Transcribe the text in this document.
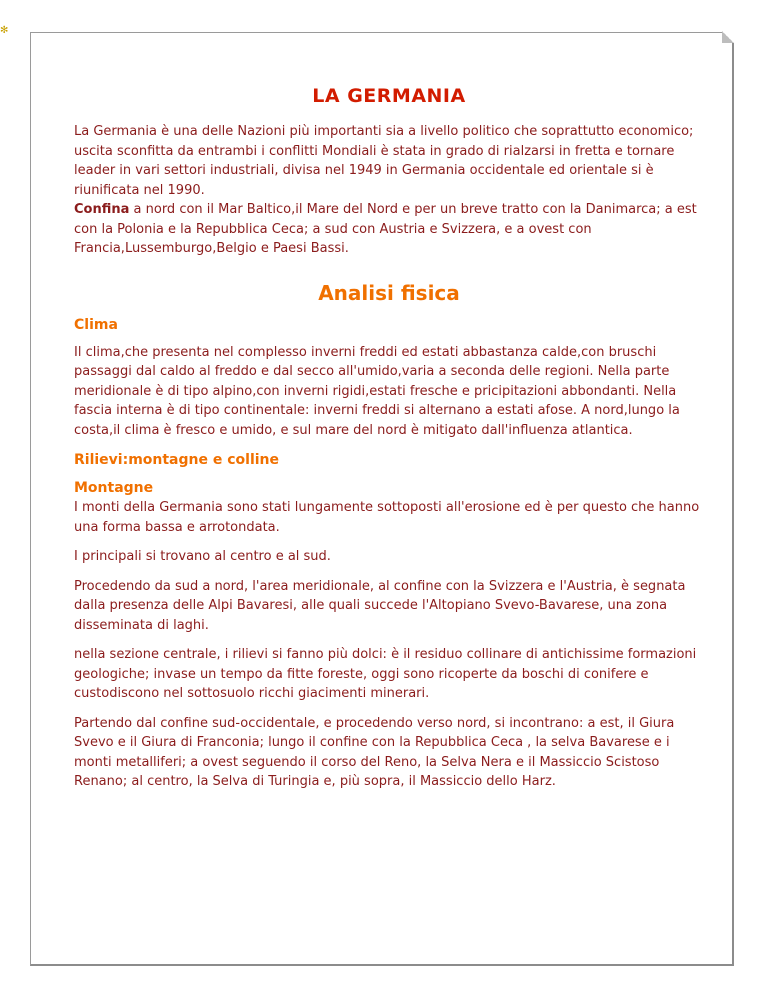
✻
LA GERMANIA

La Germania è una delle Nazioni più importanti sia a livello politico che soprattutto economico; uscita sconfitta da entrambi i conflitti Mondiali è stata in grado di rialzarsi in fretta e tornare leader in vari settori industriali, divisa nel 1949 in Germania occidentale ed orientale si è riunificata nel 1990.

Confina a nord con il Mar Baltico,il Mare del Nord e per un breve tratto con la Danimarca; a est con la Polonia e la Repubblica Ceca; a sud con Austria e Svizzera, e a ovest con Francia,Lussemburgo,Belgio e Paesi Bassi.

Analisi fisica
Clima

Il clima,che presenta nel complesso inverni freddi ed estati abbastanza calde,con bruschi passaggi dal caldo al freddo e dal secco all'umido,varia a seconda delle regioni. Nella parte meridionale è di tipo alpino,con inverni rigidi,estati fresche e pricipitazioni abbondanti. Nella fascia interna è di tipo continentale: inverni freddi si alternano a estati afose. A nord,lungo la costa,il clima è fresco e umido, e sul mare del nord è mitigato dall'influenza atlantica.

Rilievi:montagne e colline
Montagne

I monti della Germania sono stati lungamente sottoposti all'erosione ed è per questo che hanno una forma bassa e arrotondata.

I principali si trovano al centro e al sud.

Procedendo da sud a nord, l'area meridionale, al confine con la Svizzera e l'Austria, è segnata dalla presenza delle Alpi Bavaresi, alle quali succede l'Altopiano Svevo-Bavarese, una zona disseminata di laghi.

nella sezione centrale, i rilievi si fanno più dolci: è il residuo collinare di antichissime formazioni geologiche; invase un tempo da fitte foreste, oggi sono ricoperte da boschi di conifere e custodiscono nel sottosuolo ricchi giacimenti minerari.

Partendo dal confine sud-occidentale, e procedendo verso nord, si incontrano: a est, il Giura Svevo e il Giura di Franconia; lungo il confine con la Repubblica Ceca , la selva Bavarese e i monti metalliferi; a ovest seguendo il corso del Reno, la Selva Nera e il Massiccio Scistoso Renano; al centro, la Selva di Turingia e, più sopra, il Massiccio dello Harz.
